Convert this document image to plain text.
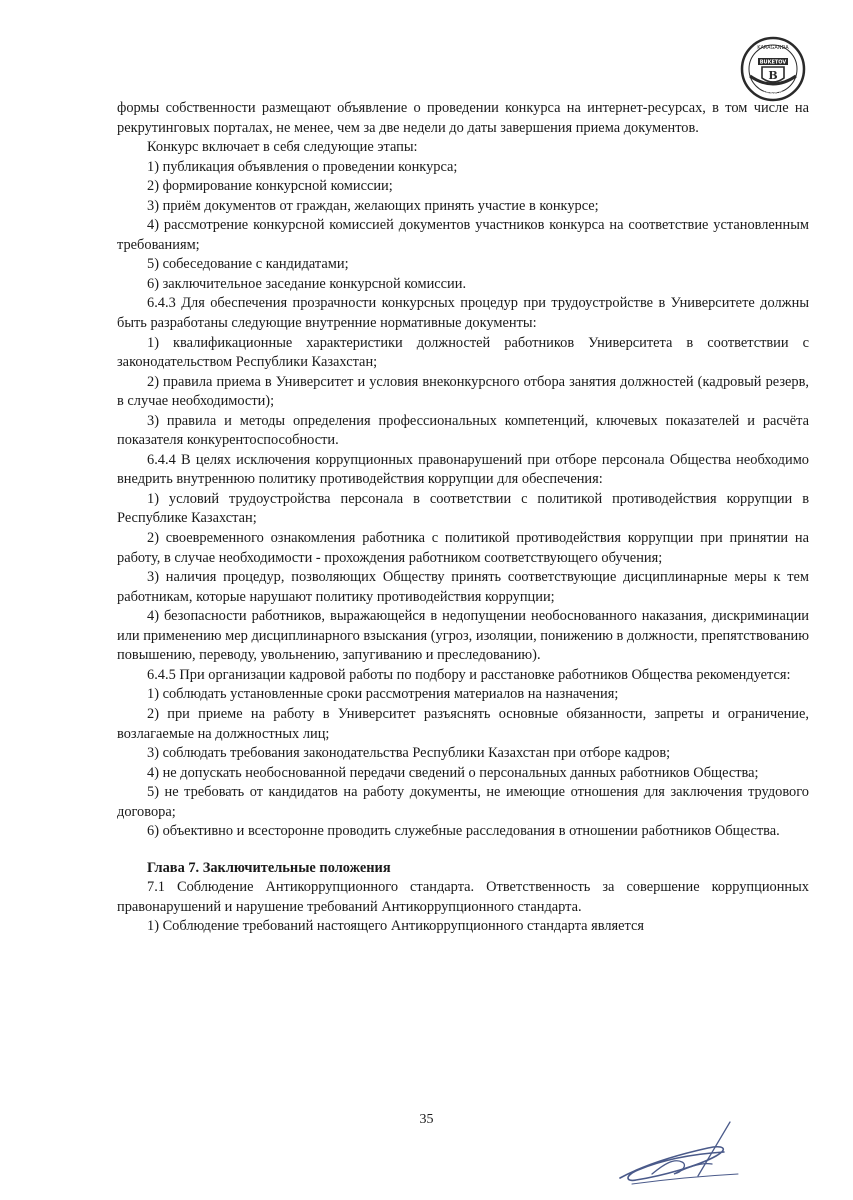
KARAGANDA
BUKETOV
B
UNIVERSITY

формы собственности размещают объявление о проведении конкурса на интернет-ресурсах, в том числе на рекрутинговых порталах, не менее, чем за две недели до даты завершения приема документов.

Конкурс включает в себя следующие этапы:

1) публикация объявления о проведении конкурса;

2) формирование конкурсной комиссии;

3) приём документов от граждан, желающих принять участие в конкурсе;

4) рассмотрение конкурсной комиссией документов участников конкурса на соответствие установленным требованиям;

5) собеседование с кандидатами;

6) заключительное заседание конкурсной комиссии.

6.4.3 Для обеспечения прозрачности конкурсных процедур при трудоустройстве в Университете должны быть разработаны следующие внутренние нормативные документы:

1) квалификационные характеристики должностей работников Университета в соответствии с законодательством Республики Казахстан;

2) правила приема в Университет и условия внеконкурсного отбора занятия должностей (кадровый резерв, в случае необходимости);

3) правила и методы определения профессиональных компетенций, ключевых показателей и расчёта показателя конкурентоспособности.

6.4.4 В целях исключения коррупционных правонарушений при отборе персонала Общества необходимо внедрить внутреннюю политику противодействия коррупции для обеспечения:

1) условий трудоустройства персонала в соответствии с политикой противодействия коррупции в Республике Казахстан;

2) своевременного ознакомления работника с политикой противодействия коррупции при принятии на работу, в случае необходимости - прохождения работником соответствующего обучения;

3) наличия процедур, позволяющих Обществу принять соответствующие дисциплинарные меры к тем работникам, которые нарушают политику противодействия коррупции;

4) безопасности работников, выражающейся в недопущении необоснованного наказания, дискриминации или применению мер дисциплинарного взыскания (угроз, изоляции, понижению в должности, препятствованию повышению, переводу, увольнению, запугиванию и преследованию).

6.4.5 При организации кадровой работы по подбору и расстановке работников Общества рекомендуется:

1) соблюдать установленные сроки рассмотрения материалов на назначения;

2) при приеме на работу в Университет разъяснять основные обязанности, запреты и ограничение, возлагаемые на должностных лиц;

3) соблюдать требования законодательства Республики Казахстан при отборе кадров;

4) не допускать необоснованной передачи сведений о персональных данных работников Общества;

5) не требовать от кандидатов на работу документы, не имеющие отношения для заключения трудового договора;

6) объективно и всесторонне проводить служебные расследования в отношении работников Общества.

Глава 7. Заключительные положения

7.1 Соблюдение Антикоррупционного стандарта. Ответственность за совершение коррупционных правонарушений и нарушение требований Антикоррупционного стандарта.

1) Соблюдение требований настоящего Антикоррупционного стандарта является

35
